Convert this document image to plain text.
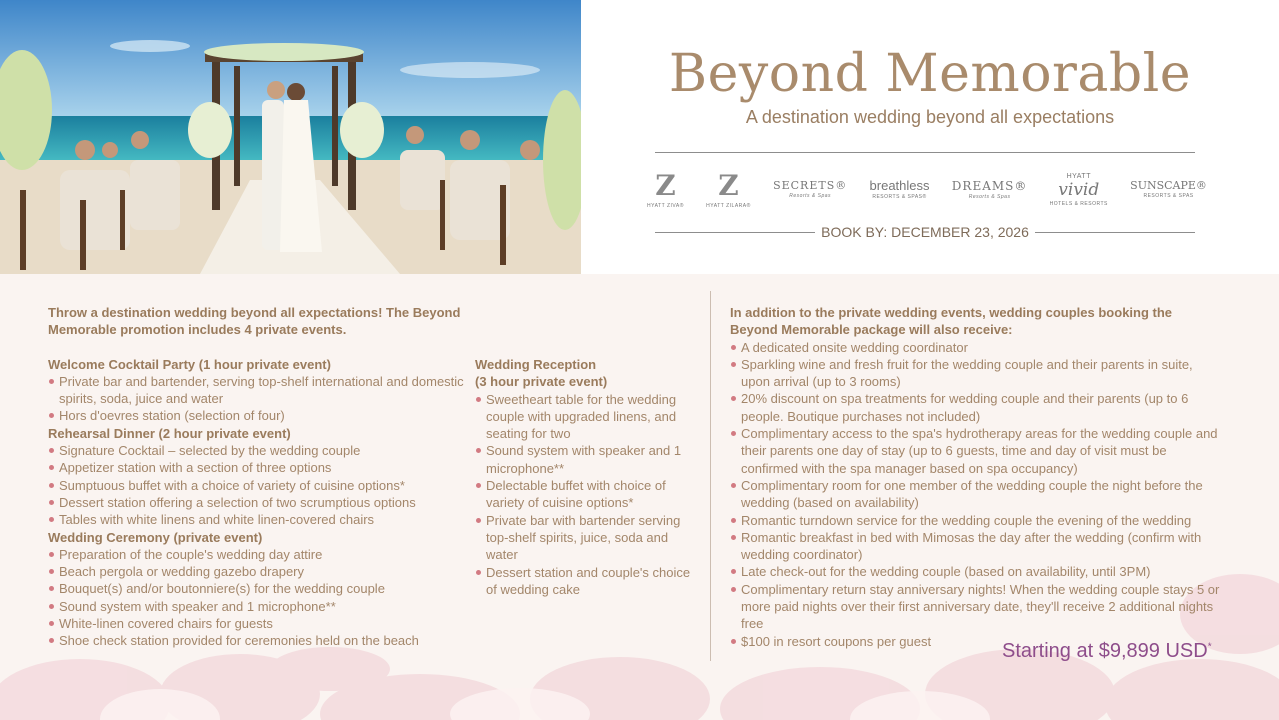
Beyond Memorable
A destination wedding beyond all expectations
Z
HYATT ZIVA®
Z
HYATT ZILARA®
SECRETS®
Resorts & Spas
breathless
RESORTS & SPAS®
DREAMS®
Resorts & Spas
HYATT
vivid
HOTELS & RESORTS
SUNSCAPE®
RESORTS & SPAS
BOOK BY: DECEMBER 23, 2026
Throw a destination wedding beyond all expectations! The Beyond Memorable promotion includes 4 private events.
Welcome Cocktail Party (1 hour private event)
Private bar and bartender, serving top-shelf international and domestic spirits, soda, juice and water
Hors d'oevres station (selection of four)
Rehearsal Dinner (2 hour private event)
Signature Cocktail – selected by the wedding couple
Appetizer station with a section of three options
Sumptuous buffet with a choice of variety of cuisine options*
Dessert station offering a selection of two scrumptious options
Tables with white linens and white linen-covered chairs
Wedding Ceremony (private event)
Preparation of the couple's wedding day attire
Beach pergola or wedding gazebo drapery
Bouquet(s) and/or boutonniere(s) for the wedding couple
Sound system with speaker and 1 microphone**
White-linen covered chairs for guests
Shoe check station provided for ceremonies held on the beach
Wedding Reception
(3 hour private event)
Sweetheart table for the wedding couple with upgraded linens, and seating for two
Sound system with speaker and 1 microphone**
Delectable buffet with choice of variety of cuisine options*
Private bar with bartender serving top-shelf spirits, juice, soda and water
Dessert station and couple's choice of wedding cake
In addition to the private wedding events, wedding couples booking the Beyond Memorable package will also receive:
A dedicated onsite wedding coordinator
Sparkling wine and fresh fruit for the wedding couple and their parents in suite, upon arrival (up to 3 rooms)
20% discount on spa treatments for wedding couple and their parents (up to 6 people. Boutique purchases not included)
Complimentary access to the spa's hydrotherapy areas for the wedding couple and their parents one day of stay (up to 6 guests, time and day of visit must be confirmed with the spa manager based on spa occupancy)
Complimentary room for one member of the wedding couple the night before the wedding (based on availability)
Romantic turndown service for the wedding couple the evening of the wedding
Romantic breakfast in bed with Mimosas the day after the wedding (confirm with wedding coordinator)
Late check-out for the wedding couple (based on availability, until 3PM)
Complimentary return stay anniversary nights! When the wedding couple stays 5 or more paid nights over their first anniversary date, they'll receive 2 additional nights free
$100 in resort coupons per guest	Starting at $9,899 USD*
